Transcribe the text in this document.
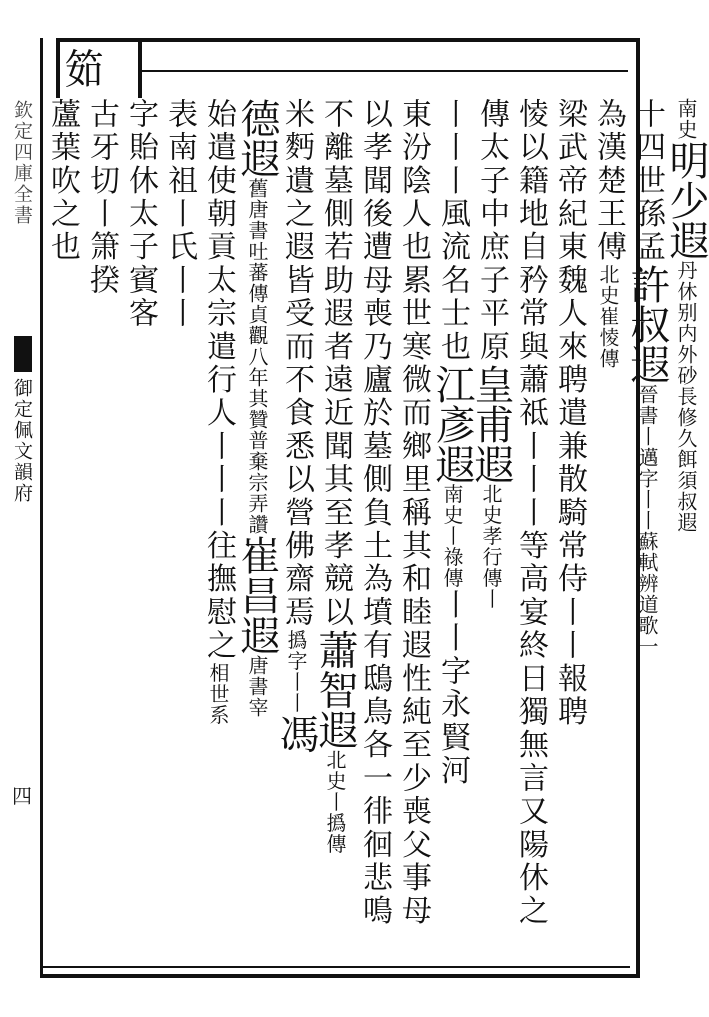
筎
欽定四庫全書
御定佩文韻府
四
南史明少遐丹休别内外砂長修久餌須叔遐
十四世孫孟許叔遐晉書丨邁字丨丨蘇軾辨道歌一
為漢楚王傅北史崔㥄傳
梁武帝紀東魏人來聘遣兼散騎常侍丨丨報聘
㥄以籍地自矜常與蕭祗丨丨丨等高宴終日獨無言又陽休之
傳太子中庶子平原皇甫遐北史孝行傳丨
丨丨丨風流名士也江彥遐南史丨祿傳丨丨字永賢河
東汾陰人也累世寒微而鄉里稱其和睦遐性純至少喪父事母
以孝聞後遭母喪乃廬於墓側負土為墳有鴟鳥各一徘徊悲鳴
不離墓側若助遐者遠近聞其至孝競以蕭智遐北史丨撝傳
米麪遺之遐皆受而不食悉以營佛齋焉撝字丨丨馮
德遐舊唐書吐蕃傳貞觀八年其贊普棄宗弄讚崔昌遐唐書宰
始遣使朝貢太宗遣行人丨丨丨往撫慰之相世系
表南祖丨氏丨丨
字貽休太子賓客
古牙切丨箫揆
蘆葉吹之也
